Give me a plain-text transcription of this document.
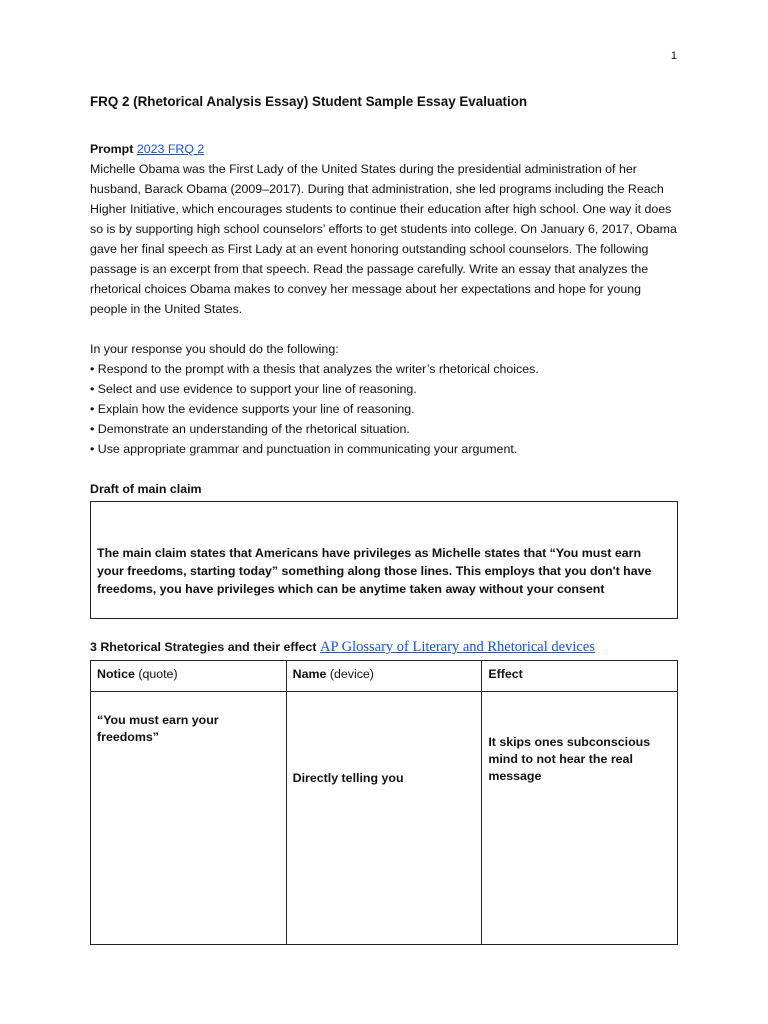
1

FRQ 2 (Rhetorical Analysis Essay) Student Sample Essay Evaluation

Prompt 2023 FRQ 2
Michelle Obama was the First Lady of the United States during the presidential administration of her husband, Barack Obama (2009–2017). During that administration, she led programs including the Reach Higher Initiative, which encourages students to continue their education after high school. One way it does so is by supporting high school counselors’ efforts to get students into college. On January 6, 2017, Obama gave her final speech as First Lady at an event honoring outstanding school counselors. The following passage is an excerpt from that speech. Read the passage carefully. Write an essay that analyzes the rhetorical choices Obama makes to convey her message about her expectations and hope for young people in the United States.

In your response you should do the following:

• Respond to the prompt with a thesis that analyzes the writer’s rhetorical choices.
• Select and use evidence to support your line of reasoning.
• Explain how the evidence supports your line of reasoning.
• Demonstrate an understanding of the rhetorical situation.
• Use appropriate grammar and punctuation in communicating your argument.

Draft of main claim

The main claim states that Americans have privileges as Michelle states that “You must earn your freedoms, starting today” something along those lines. This employs that you don't have freedoms, you have privileges which can be anytime taken away without your consent
3 Rhetorical Strategies and their effect AP Glossary of Literary and Rhetorical devices
Notice (quote)	Name (device)	Effect
“You must earn your freedoms”	Directly telling you	It skips ones subconscious mind to not hear the real message
